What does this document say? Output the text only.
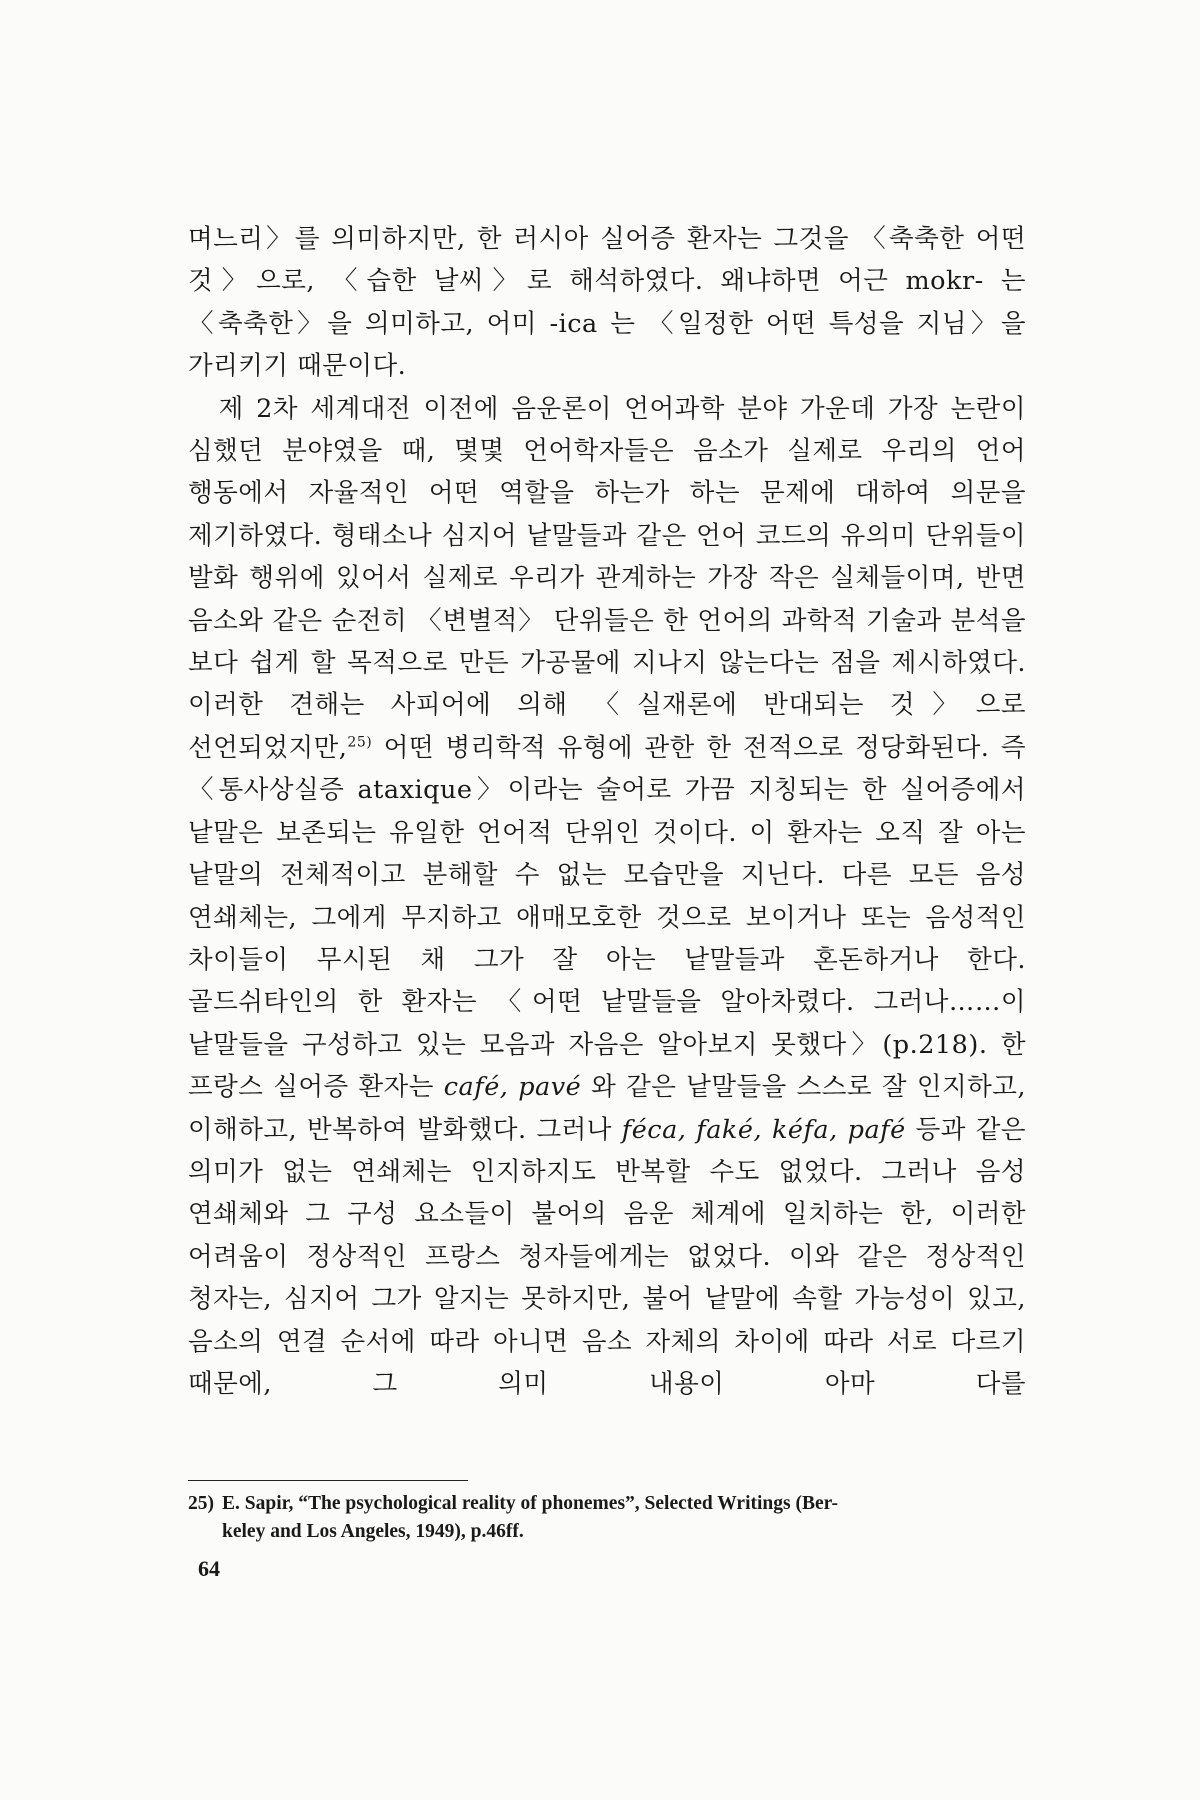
며느리〉를 의미하지만, 한 러시아 실어증 환자는 그것을 〈축축한 어떤 것〉으로, 〈습한 날씨〉로 해석하였다. 왜냐하면 어근 mokr- 는 〈축축한〉을 의미하고, 어미 -ica 는 〈일정한 어떤 특성을 지님〉을 가리키기 때문이다.

제 2차 세계대전 이전에 음운론이 언어과학 분야 가운데 가장 논란이 심했던 분야였을 때, 몇몇 언어학자들은 음소가 실제로 우리의 언어 행동에서 자율적인 어떤 역할을 하는가 하는 문제에 대하여 의문을 제기하였다. 형태소나 심지어 낱말들과 같은 언어 코드의 유의미 단위들이 발화 행위에 있어서 실제로 우리가 관계하는 가장 작은 실체들이며, 반면 음소와 같은 순전히 〈변별적〉 단위들은 한 언어의 과학적 기술과 분석을 보다 쉽게 할 목적으로 만든 가공물에 지나지 않는다는 점을 제시하였다. 이러한 견해는 사피어에 의해 〈실재론에 반대되는 것〉으로 선언되었지만,$^{25)}$ 어떤 병리학적 유형에 관한 한 전적으로 정당화된다. 즉 〈통사상실증 ataxique〉이라는 술어로 가끔 지칭되는 한 실어증에서 낱말은 보존되는 유일한 언어적 단위인 것이다. 이 환자는 오직 잘 아는 낱말의 전체적이고 분해할 수 없는 모습만을 지닌다. 다른 모든 음성 연쇄체는, 그에게 무지하고 애매모호한 것으로 보이거나 또는 음성적인 차이들이 무시된 채 그가 잘 아는 낱말들과 혼돈하거나 한다. 골드쉬타인의 한 환자는 〈어떤 낱말들을 알아차렸다. 그러나……이 낱말들을 구성하고 있는 모음과 자음은 알아보지 못했다〉(p.218). 한 프랑스 실어증 환자는 café, pavé 와 같은 낱말들을 스스로 잘 인지하고, 이해하고, 반복하여 발화했다. 그러나 féca, faké, kéfa, pafé 등과 같은 의미가 없는 연쇄체는 인지하지도 반복할 수도 없었다. 그러나 음성 연쇄체와 그 구성 요소들이 불어의 음운 체계에 일치하는 한, 이러한 어려움이 정상적인 프랑스 청자들에게는 없었다. 이와 같은 정상적인 청자는, 심지어 그가 알지는 못하지만, 불어 낱말에 속할 가능성이 있고, 음소의 연결 순서에 따라 아니면 음소 자체의 차이에 따라 서로 다르기 때문에, 그 의미 내용이 아마 다를

25) E. Sapir, “The psychological reality of phonemes”, Selected Writings (Ber-
keley and Los Angeles, 1949), p.46ff.
64
